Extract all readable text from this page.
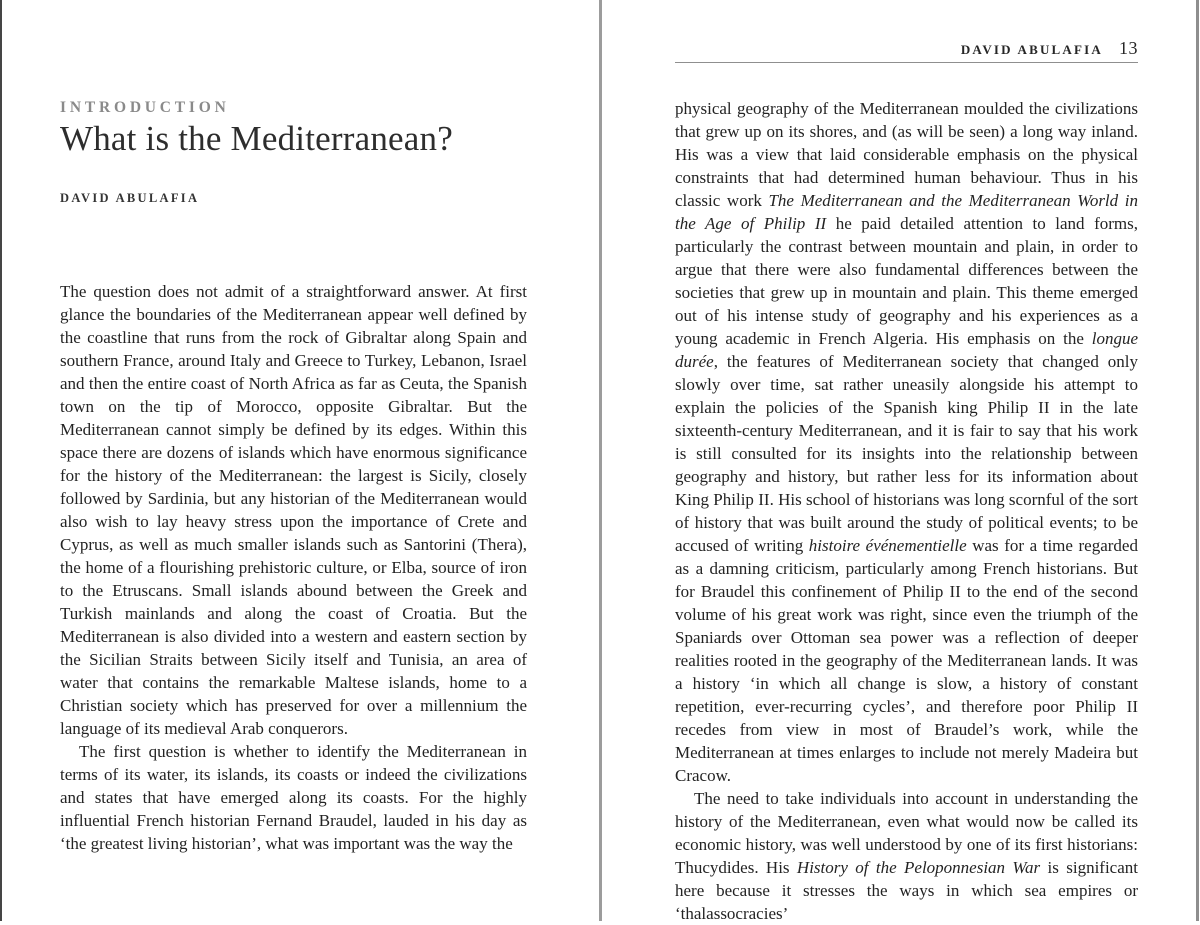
INTRODUCTION
What is the Mediterranean?
DAVID ABULAFIA

The question does not admit of a straightforward answer. At first glance the boundaries of the Mediterranean appear well defined by the coastline that runs from the rock of Gibraltar along Spain and southern France, around Italy and Greece to Turkey, Lebanon, Israel and then the entire coast of North Africa as far as Ceuta, the Spanish town on the tip of Morocco, opposite Gibraltar. But the Mediterranean cannot simply be defined by its edges. Within this space there are dozens of islands which have enormous significance for the history of the Mediterranean: the largest is Sicily, closely followed by Sardinia, but any historian of the Mediterranean would also wish to lay heavy stress upon the importance of Crete and Cyprus, as well as much smaller islands such as Santorini (Thera), the home of a flourishing prehistoric culture, or Elba, source of iron to the Etruscans. Small islands abound between the Greek and Turkish mainlands and along the coast of Croatia. But the Mediterranean is also divided into a western and eastern section by the Sicilian Straits between Sicily itself and Tunisia, an area of water that contains the remarkable Maltese islands, home to a Christian society which has preserved for over a millennium the language of its medieval Arab conquerors.

The first question is whether to identify the Mediterranean in terms of its water, its islands, its coasts or indeed the civilizations and states that have emerged along its coasts. For the highly influential French historian Fernand Braudel, lauded in his day as ‘the greatest living historian’, what was important was the way the

DAVID ABULAFIA 13

physical geography of the Mediterranean moulded the civilizations that grew up on its shores, and (as will be seen) a long way inland. His was a view that laid considerable emphasis on the physical constraints that had determined human behaviour. Thus in his classic work The Mediterranean and the Mediterranean World in the Age of Philip II he paid detailed attention to land forms, particularly the contrast between mountain and plain, in order to argue that there were also fundamental differences between the societies that grew up in mountain and plain. This theme emerged out of his intense study of geography and his experiences as a young academic in French Algeria. His emphasis on the longue durée, the features of Mediterranean society that changed only slowly over time, sat rather uneasily alongside his attempt to explain the policies of the Spanish king Philip II in the late sixteenth-century Mediterranean, and it is fair to say that his work is still consulted for its insights into the relationship between geography and history, but rather less for its information about King Philip II. His school of historians was long scornful of the sort of history that was built around the study of political events; to be accused of writing histoire événementielle was for a time regarded as a damning criticism, particularly among French historians. But for Braudel this confinement of Philip II to the end of the second volume of his great work was right, since even the triumph of the Spaniards over Ottoman sea power was a reflection of deeper realities rooted in the geography of the Mediterranean lands. It was a history ‘in which all change is slow, a history of constant repetition, ever-recurring cycles’, and therefore poor Philip II recedes from view in most of Braudel’s work, while the Mediterranean at times enlarges to include not merely Madeira but Cracow.

The need to take individuals into account in understanding the history of the Mediterranean, even what would now be called its economic history, was well understood by one of its first historians: Thucydides. His History of the Peloponnesian War is significant here because it stresses the ways in which sea empires or ‘thalassocracies’
